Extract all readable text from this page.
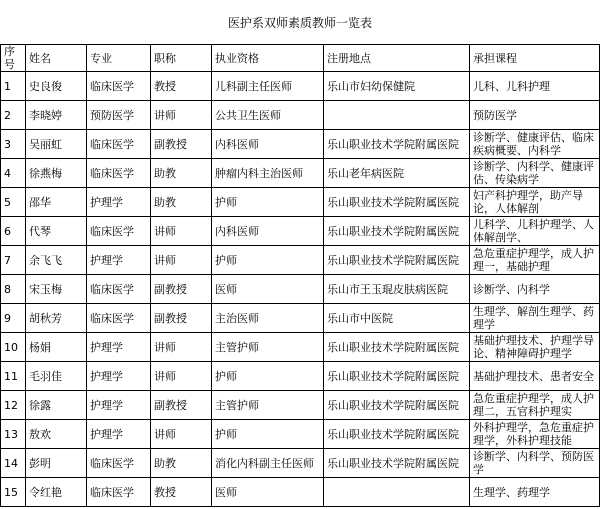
医护系双师素质教师一览表
序号	姓名	专业	职称	执业资格	注册地点	承担课程
1	史良俊	临床医学	教授	儿科副主任医师	乐山市妇幼保健院	儿科、儿科护理
2	李晓婷	预防医学	讲师	公共卫生医师		预防医学
3	吴丽虹	临床医学	副教授	内科医师	乐山职业技术学院附属医院	诊断学、健康评估、临床疾病概要、内科学
4	徐燕梅	临床医学	助教	肿瘤内科主治医师	乐山老年病医院	诊断学、内科学、健康评估、传染病学
5	邵华	护理学	助教	护师	乐山职业技术学院附属医院	妇产科护理学，助产导论，人体解剖
6	代琴	临床医学	讲师	内科医师	乐山职业技术学院附属医院	儿科学、儿科护理学、人体解剖学、
7	余飞飞	护理学	讲师	护师	乐山职业技术学院附属医院	急危重症护理学，成人护理一，基础护理
8	宋玉梅	临床医学	副教授	医师	乐山市王玉琨皮肤病医院	诊断学、内科学
9	胡秋芳	临床医学	副教授	主治医师	乐山市中医院	生理学、解剖生理学、药理学
10	杨娟	护理学	讲师	主管护师	乐山职业技术学院附属医院	基础护理技术、护理学导论、精神障碍护理学
11	毛羽佳	护理学	讲师	护师	乐山职业技术学院附属医院	基础护理技术、患者安全
12	徐露	护理学	副教授	主管护师	乐山职业技术学院附属医院	急危重症护理学，成人护理二，五官科护理实
13	敖欢	护理学	讲师	护师	乐山职业技术学院附属医院	外科护理学，急危重症护理学，外科护理技能
14	彭明	临床医学	助教	消化内科副主任医师	乐山职业技术学院附属医院	诊断学、内科学、预防医学
15	令红艳	临床医学	教授	医师		生理学、药理学
